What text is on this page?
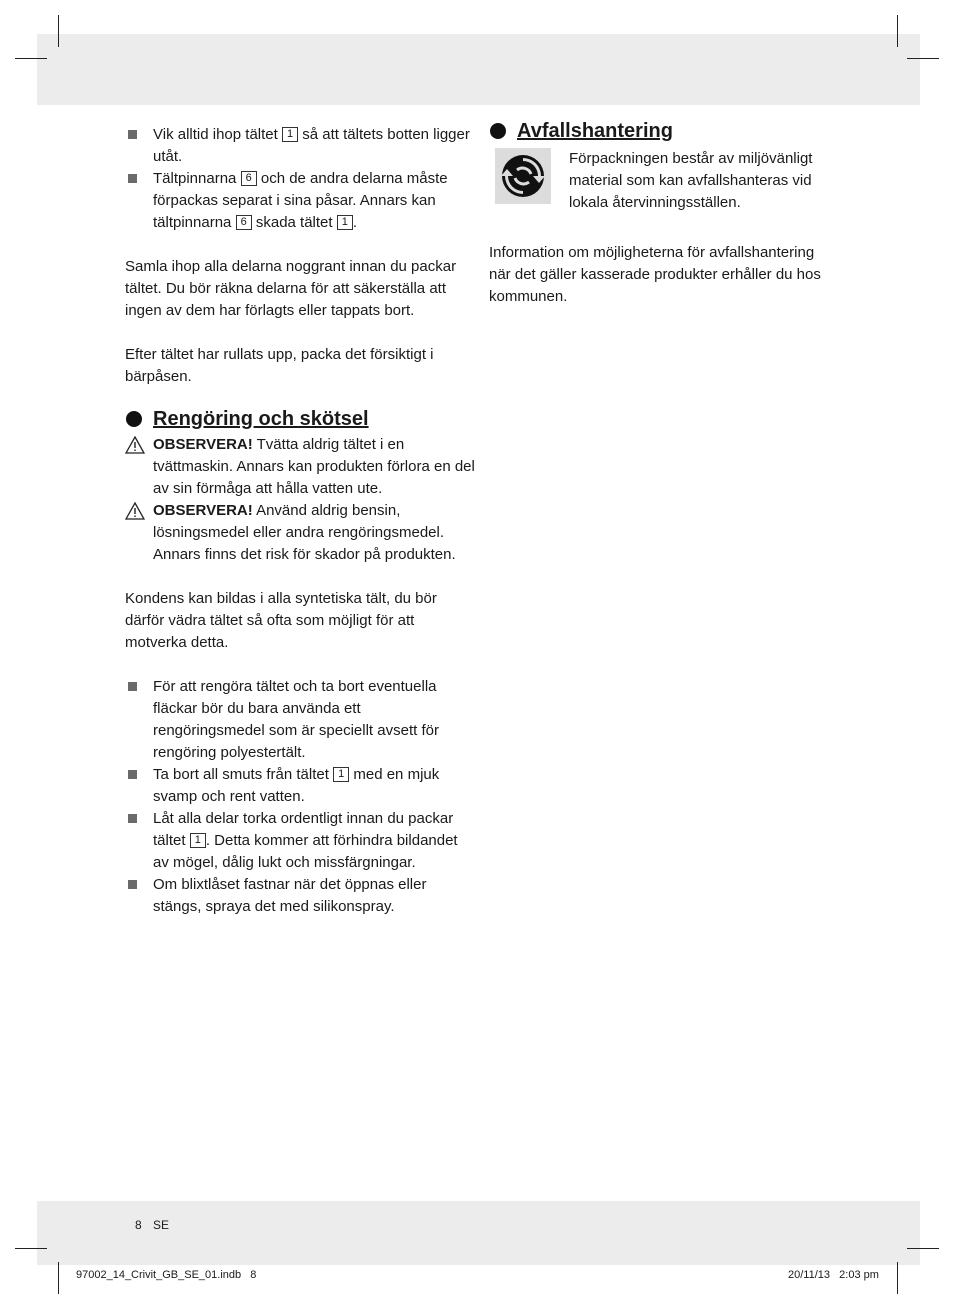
Vik alltid ihop tältet 1 så att tältets botten ligger utåt.
Tältpinnarna 6 och de andra delarna måste förpackas separat i sina påsar. Annars kan tältpinnarna 6 skada tältet 1 .
Samla ihop alla delarna noggrant innan du packar tältet. Du bör räkna delarna för att säkerställa att ingen av dem har förlagts eller tappats bort.
Efter tältet har rullats upp, packa det försiktigt i bärpåsen.
Rengöring och skötsel
OBSERVERA! Tvätta aldrig tältet i en tvättmaskin. Annars kan produkten förlora en del av sin förmåga att hålla vatten ute.
OBSERVERA! Använd aldrig bensin, lösningsmedel eller andra rengöringsmedel. Annars finns det risk för skador på produkten.
Kondens kan bildas i alla syntetiska tält, du bör därför vädra tältet så ofta som möjligt för att motverka detta.
För att rengöra tältet och ta bort eventuella fläckar bör du bara använda ett rengöringsmedel som är speciellt avsett för rengöring polyestertält.
Ta bort all smuts från tältet 1 med en mjuk svamp och rent vatten.
Låt alla delar torka ordentligt innan du packar tältet 1 . Detta kommer att förhindra bildandet av mögel, dålig lukt och missfärgningar.
Om blixtlåset fastnar när det öppnas eller stängs, spraya det med silikonspray.
Avfallshantering
Förpackningen består av miljövänligt material som kan avfallshanteras vid lokala återvinningsställen.
Information om möjligheterna för avfallshantering när det gäller kasserade produkter erhåller du hos kommunen.
8 SE
97002_14_Crivit_GB_SE_01.indb   8	20/11/13   2:03 pm
